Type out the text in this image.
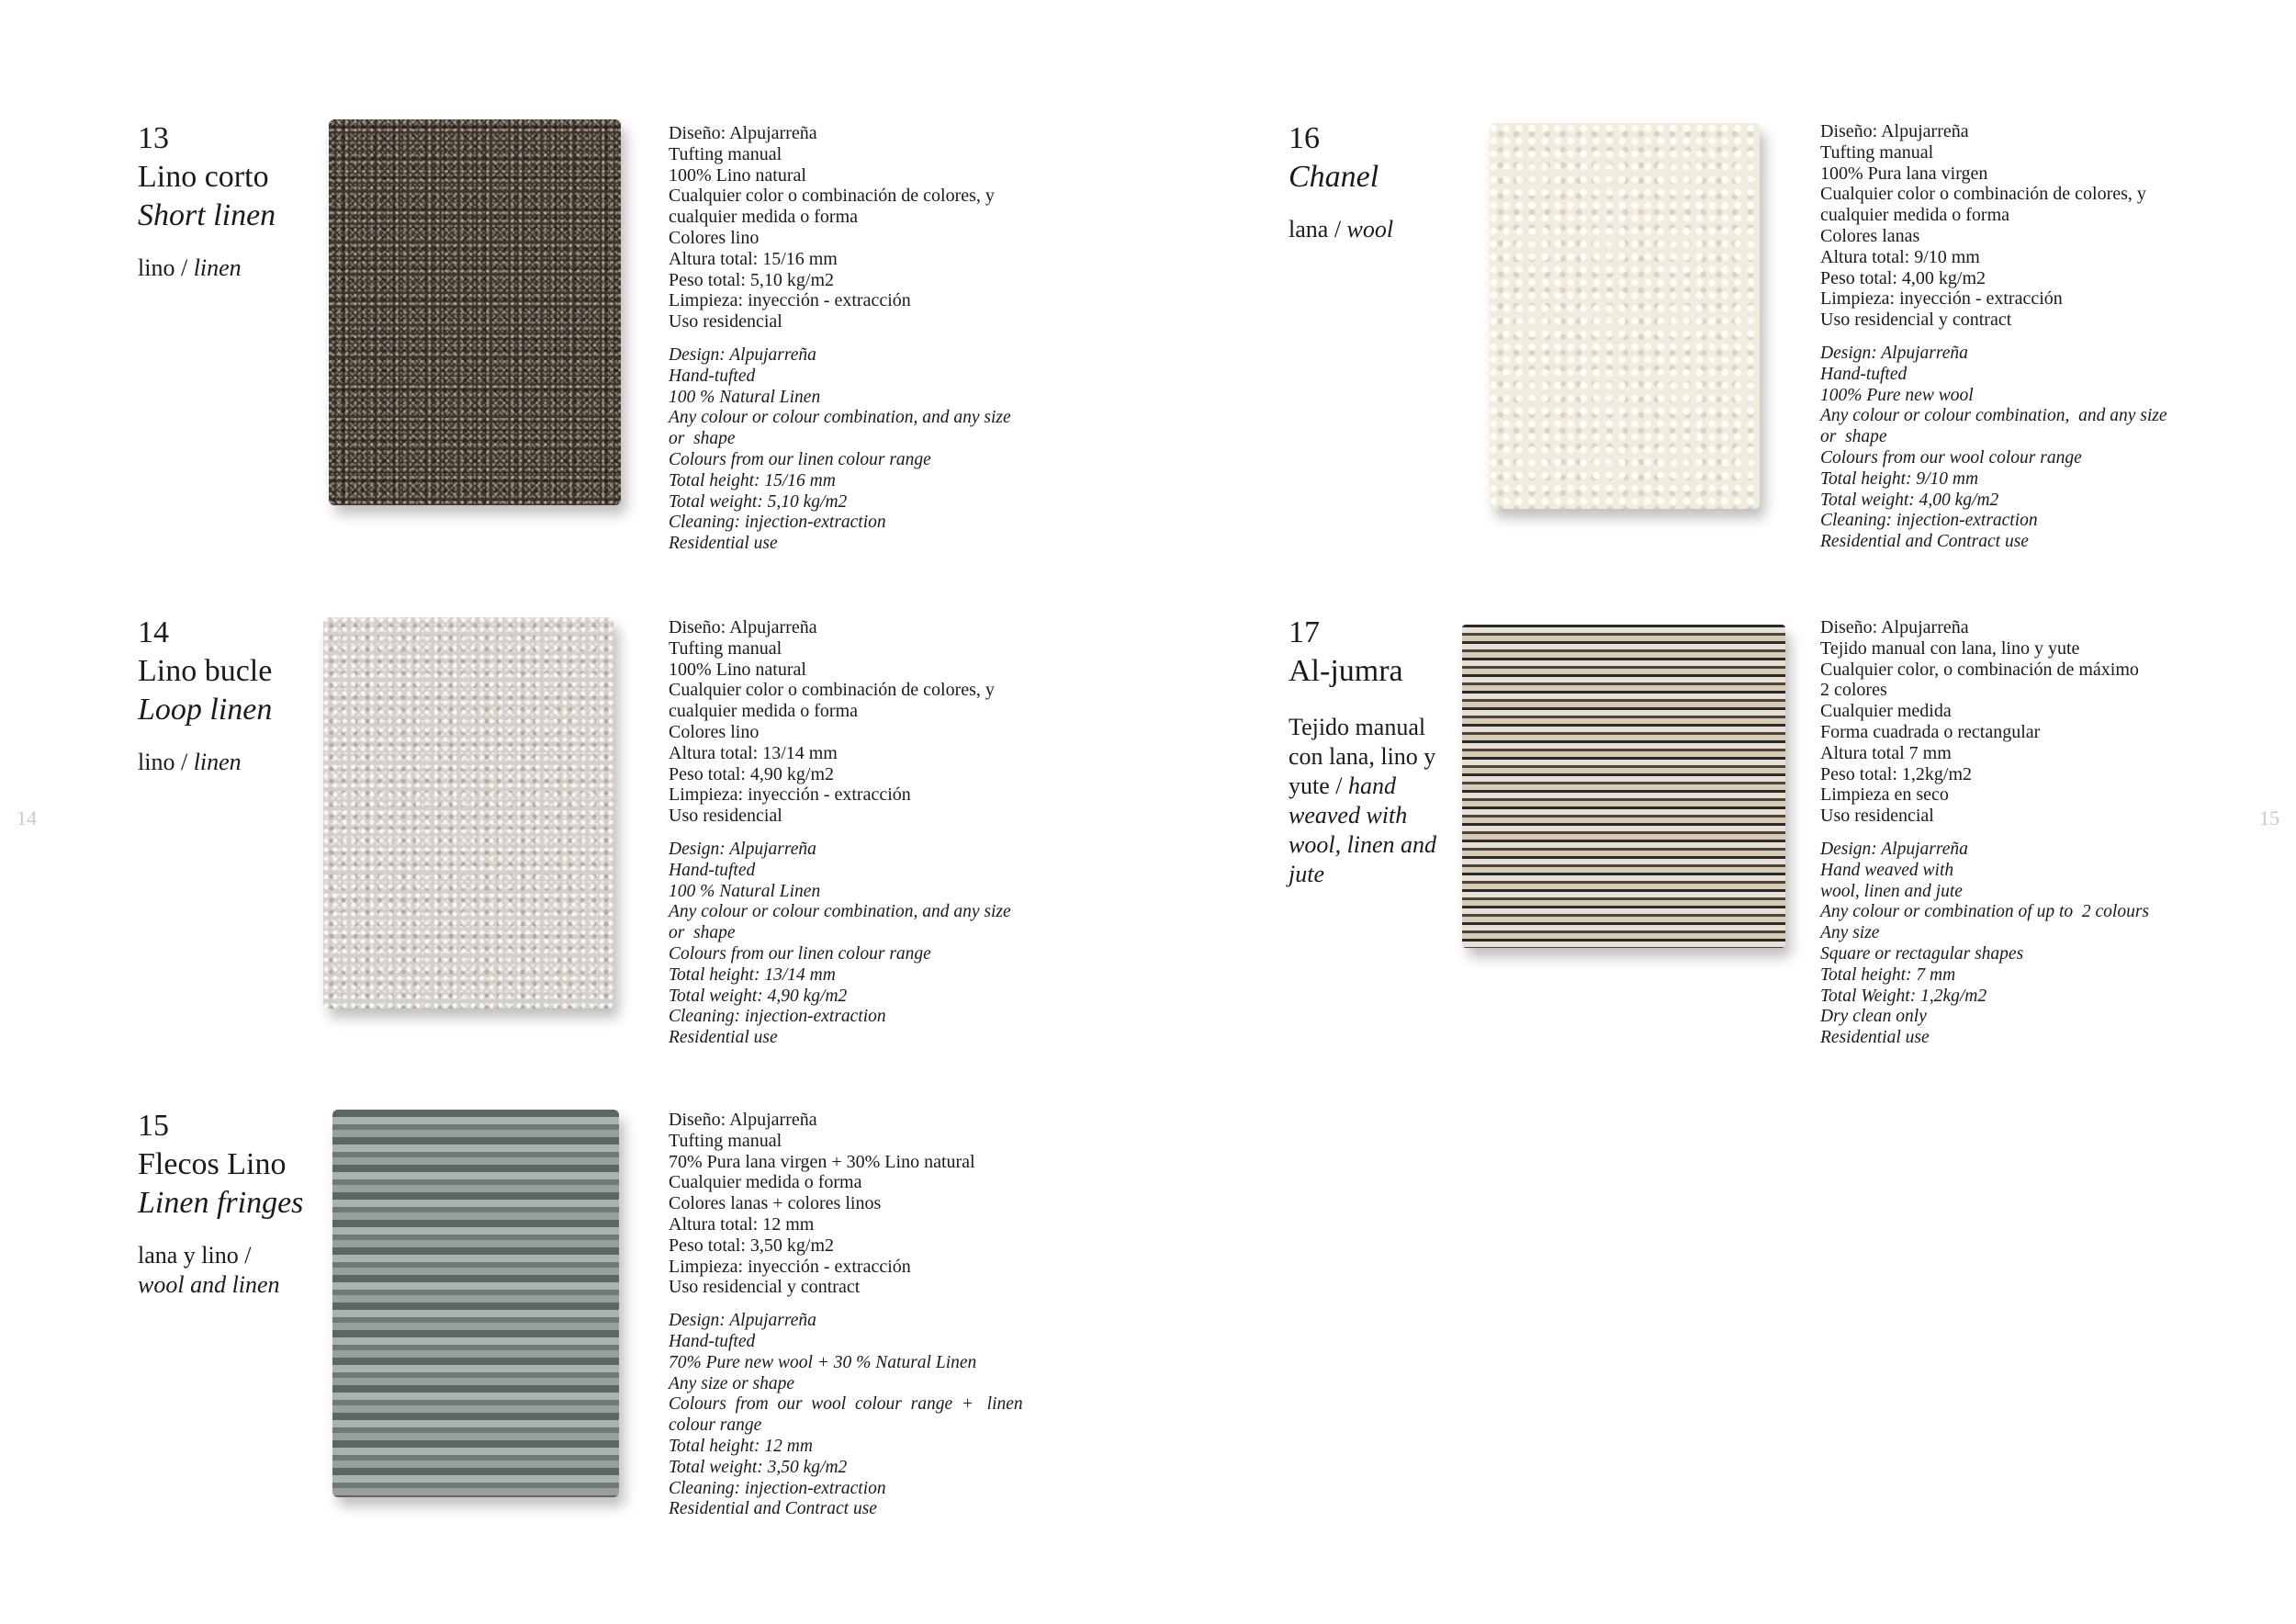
14	15
13
Lino corto
Short linen
lino / linen
Diseño: Alpujarreña
Tufting manual
100% Lino natural
Cualquier color o combinación de colores, y
cualquier medida o forma
Colores lino
Altura total: 15/16 mm
Peso total: 5,10 kg/m2
Limpieza: inyección - extracción
Uso residencial
Design: Alpujarreña
Hand-tufted
100 % Natural Linen
Any colour or colour combination, and any size
or  shape
Colours from our linen colour range
Total height: 15/16 mm
Total weight: 5,10 kg/m2
Cleaning: injection-extraction
Residential use
14
Lino bucle
Loop linen
lino / linen
Diseño: Alpujarreña
Tufting manual
100% Lino natural
Cualquier color o combinación de colores, y
cualquier medida o forma
Colores lino
Altura total: 13/14 mm
Peso total: 4,90 kg/m2
Limpieza: inyección - extracción
Uso residencial
Design: Alpujarreña
Hand-tufted
100 % Natural Linen
Any colour or colour combination, and any size
or  shape
Colours from our linen colour range
Total height: 13/14 mm
Total weight: 4,90 kg/m2
Cleaning: injection-extraction
Residential use
15
Flecos Lino
Linen fringes
lana y lino /
wool and linen
Diseño: Alpujarreña
Tufting manual
70% Pura lana virgen + 30% Lino natural
Cualquier medida o forma
Colores lanas + colores linos
Altura total: 12 mm
Peso total: 3,50 kg/m2
Limpieza: inyección - extracción
Uso residencial y contract
Design: Alpujarreña
Hand-tufted
70% Pure new wool + 30 % Natural Linen
Any size or shape
Colours  from  our  wool  colour  range  +   linen
colour range
Total height: 12 mm
Total weight: 3,50 kg/m2
Cleaning: injection-extraction
Residential and Contract use
16
Chanel
lana / wool
Diseño: Alpujarreña
Tufting manual
100% Pura lana virgen
Cualquier color o combinación de colores, y
cualquier medida o forma
Colores lanas
Altura total: 9/10 mm
Peso total: 4,00 kg/m2
Limpieza: inyección - extracción
Uso residencial y contract
Design: Alpujarreña
Hand-tufted
100% Pure new wool
Any colour or colour combination,  and any size
or  shape
Colours from our wool colour range
Total height: 9/10 mm
Total weight: 4,00 kg/m2
Cleaning: injection-extraction
Residential and Contract use
17
Al-jumra
Tejido manual con lana, lino y yute / hand weaved with wool, linen and jute
Diseño: Alpujarreña
Tejido manual con lana, lino y yute
Cualquier color, o combinación de máximo
2 colores
Cualquier medida
Forma cuadrada o rectangular
Altura total 7 mm
Peso total: 1,2kg/m2
Limpieza en seco
Uso residencial
Design: Alpujarreña
Hand weaved with
wool, linen and jute
Any colour or combination of up to  2 colours
Any size
Square or rectagular shapes
Total height: 7 mm
Total Weight: 1,2kg/m2
Dry clean only
Residential use
